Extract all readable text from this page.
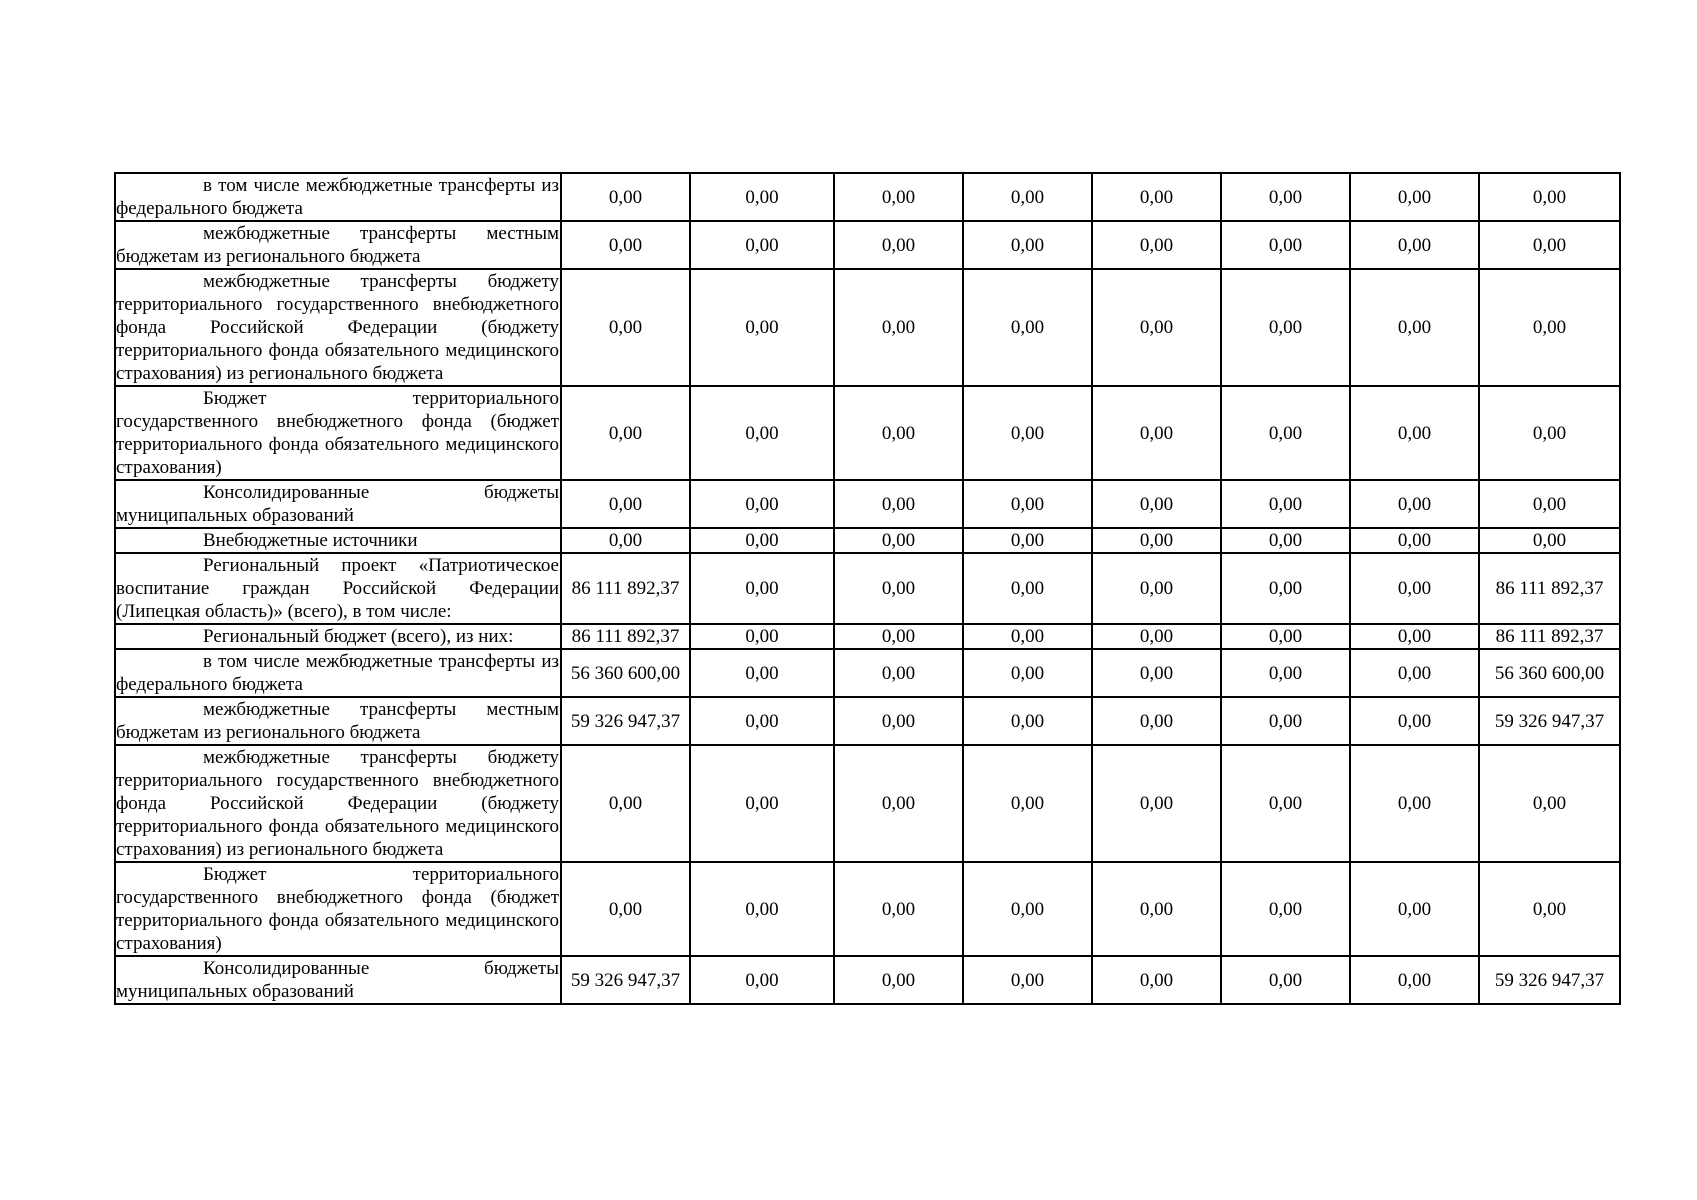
в том числе межбюджетные трансферты из федерального бюджета	0,00	0,00	0,00	0,00	0,00	0,00	0,00	0,00
межбюджетные трансферты местным бюджетам из регионального бюджета	0,00	0,00	0,00	0,00	0,00	0,00	0,00	0,00
межбюджетные трансферты бюджету территориального государственного внебюджетного фонда Российской Федерации (бюджету территориального фонда обязательного медицинского страхования) из регионального бюджета	0,00	0,00	0,00	0,00	0,00	0,00	0,00	0,00
Бюджет территориального государственного внебюджетного фонда (бюджет территориального фонда обязательного медицинского страхования)	0,00	0,00	0,00	0,00	0,00	0,00	0,00	0,00
Консолидированные бюджеты муниципальных образований	0,00	0,00	0,00	0,00	0,00	0,00	0,00	0,00
Внебюджетные источники	0,00	0,00	0,00	0,00	0,00	0,00	0,00	0,00
Региональный проект «Патриотическое воспитание граждан Российской Федерации (Липецкая область)» (всего), в том числе:	86 111 892,37	0,00	0,00	0,00	0,00	0,00	0,00	86 111 892,37
Региональный бюджет (всего), из них:	86 111 892,37	0,00	0,00	0,00	0,00	0,00	0,00	86 111 892,37
в том числе межбюджетные трансферты из федерального бюджета	56 360 600,00	0,00	0,00	0,00	0,00	0,00	0,00	56 360 600,00
межбюджетные трансферты местным бюджетам из регионального бюджета	59 326 947,37	0,00	0,00	0,00	0,00	0,00	0,00	59 326 947,37
межбюджетные трансферты бюджету территориального государственного внебюджетного фонда Российской Федерации (бюджету территориального фонда обязательного медицинского страхования) из регионального бюджета	0,00	0,00	0,00	0,00	0,00	0,00	0,00	0,00
Бюджет территориального государственного внебюджетного фонда (бюджет территориального фонда обязательного медицинского страхования)	0,00	0,00	0,00	0,00	0,00	0,00	0,00	0,00
Консолидированные бюджеты муниципальных образований	59 326 947,37	0,00	0,00	0,00	0,00	0,00	0,00	59 326 947,37
